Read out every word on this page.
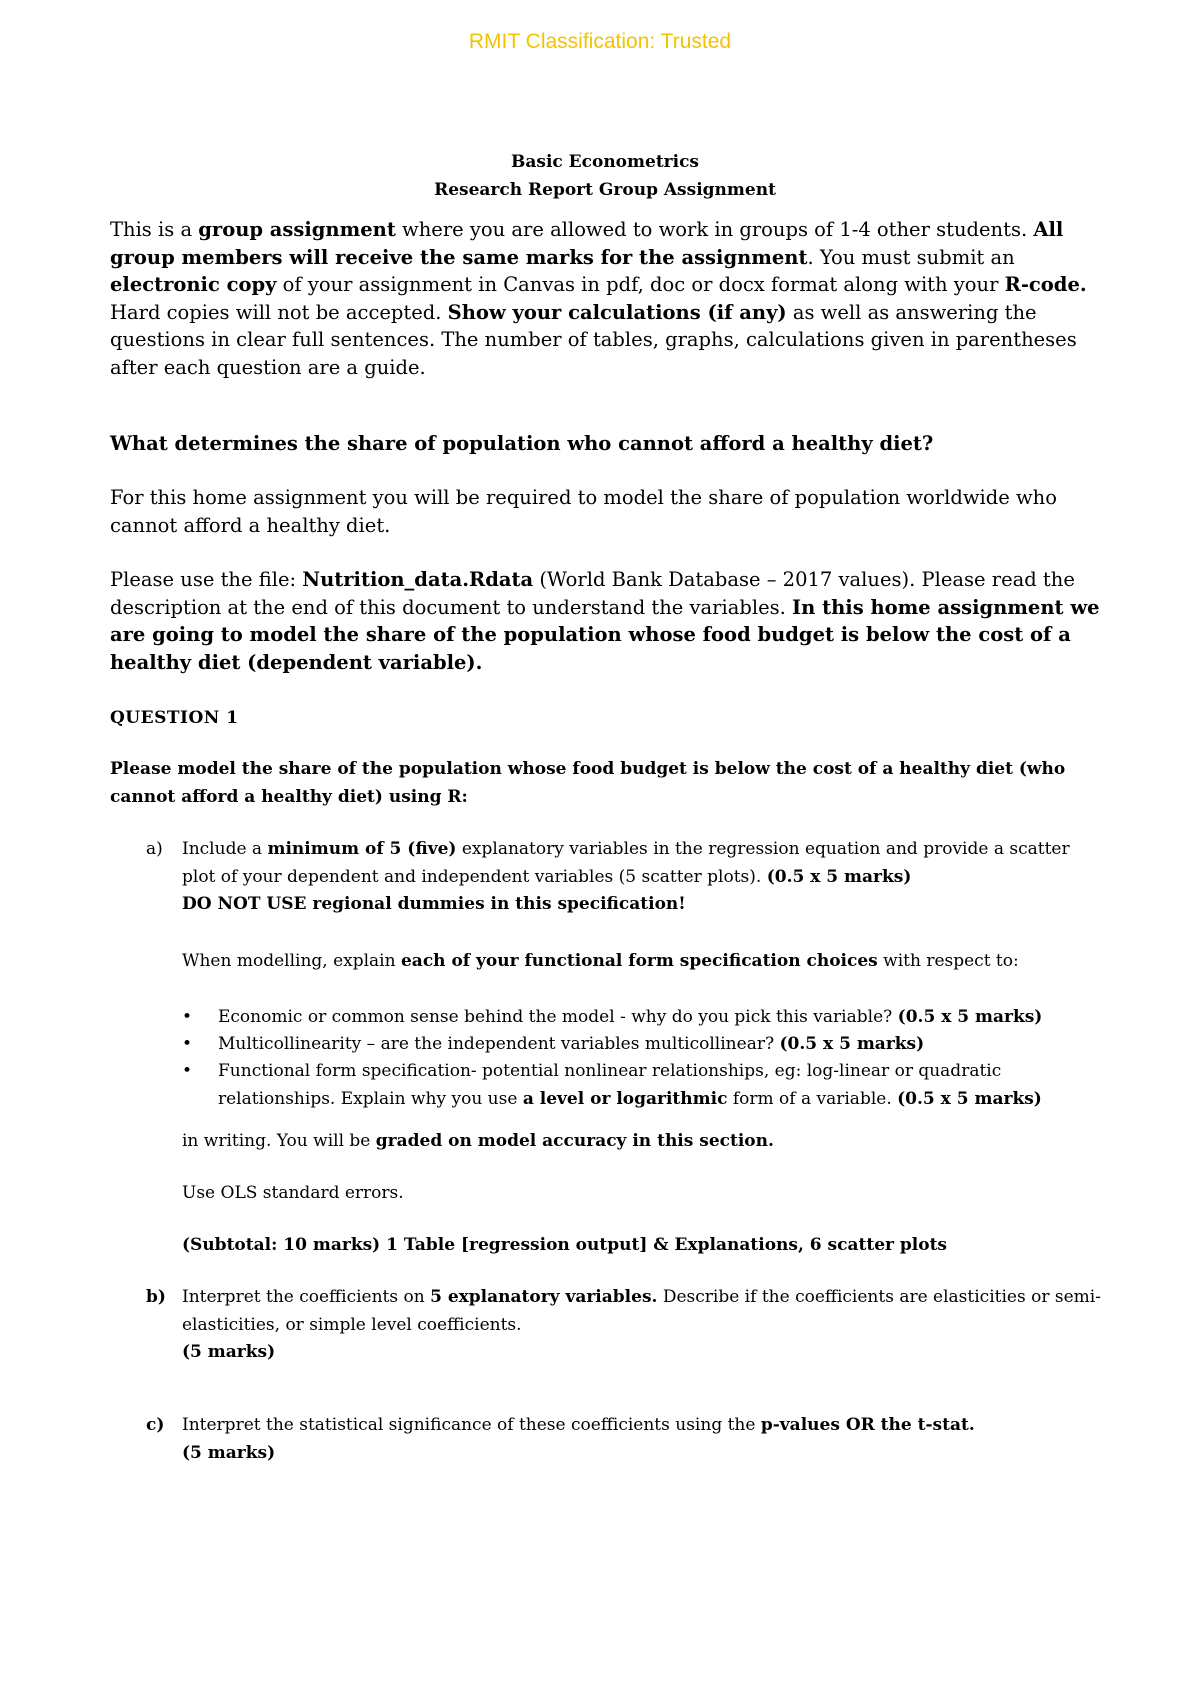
RMIT Classification: Trusted
Basic Econometrics
Research Report Group Assignment
This is a group assignment where you are allowed to work in groups of 1-4 other students. All group members will receive the same marks for the assignment. You must submit an electronic copy of your assignment in Canvas in pdf, doc or docx format along with your R-code. Hard copies will not be accepted. Show your calculations (if any) as well as answering the questions in clear full sentences. The number of tables, graphs, calculations given in parentheses after each question are a guide.
What determines the share of population who cannot afford a healthy diet?
For this home assignment you will be required to model the share of population worldwide who cannot afford a healthy diet.
Please use the file: Nutrition_data.Rdata (World Bank Database – 2017 values). Please read the description at the end of this document to understand the variables. In this home assignment we are going to model the share of the population whose food budget is below the cost of a healthy diet (dependent variable).
QUESTION 1
Please model the share of the population whose food budget is below the cost of a healthy diet (who cannot afford a healthy diet) using R:
a) Include a minimum of 5 (five) explanatory variables in the regression equation and provide a scatter plot of your dependent and independent variables (5 scatter plots). (0.5 x 5 marks)
DO NOT USE regional dummies in this specification!
When modelling, explain each of your functional form specification choices with respect to:
• Economic or common sense behind the model - why do you pick this variable? (0.5 x 5 marks)
• Multicollinearity – are the independent variables multicollinear? (0.5 x 5 marks)
• Functional form specification- potential nonlinear relationships, eg: log-linear or quadratic relationships. Explain why you use a level or logarithmic form of a variable. (0.5 x 5 marks)
in writing. You will be graded on model accuracy in this section.
Use OLS standard errors.
(Subtotal: 10 marks) 1 Table [regression output] & Explanations, 6 scatter plots
b) Interpret the coefficients on 5 explanatory variables. Describe if the coefficients are elasticities or semi-elasticities, or simple level coefficients.
(5 marks)
c) Interpret the statistical significance of these coefficients using the p-values OR the t-stat.
(5 marks)
